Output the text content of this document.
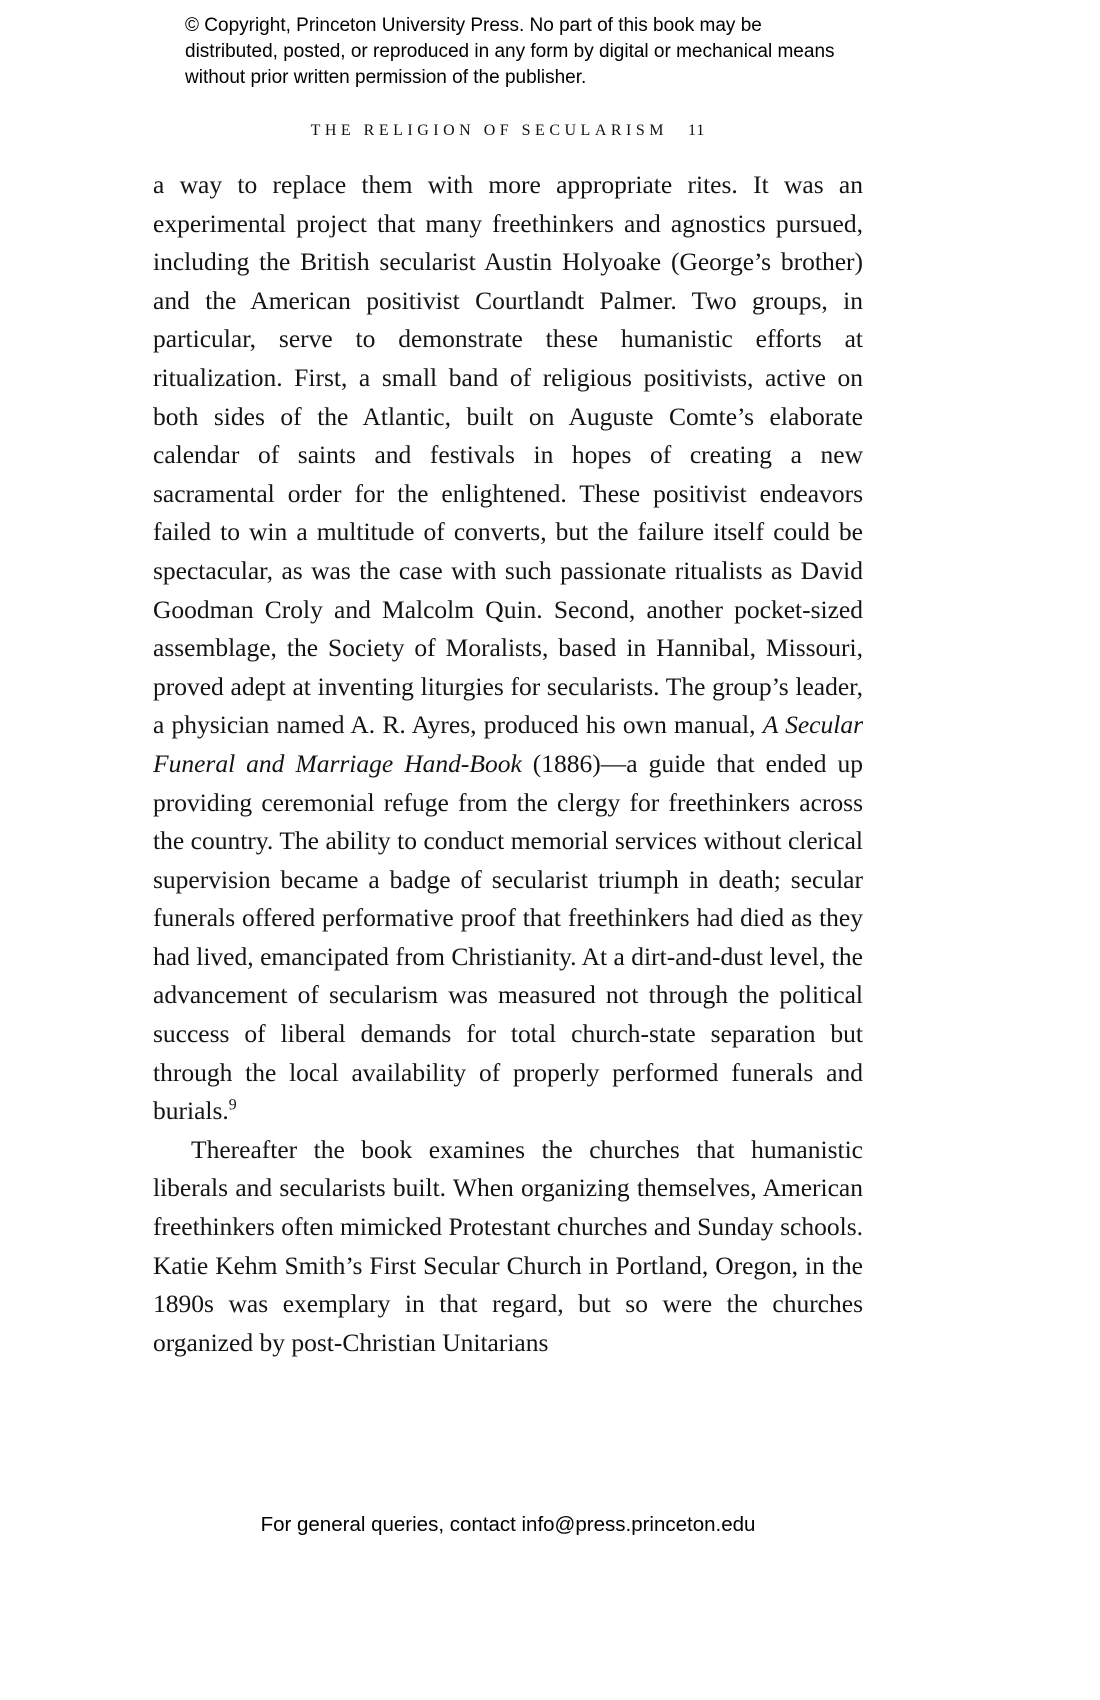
© Copyright, Princeton University Press. No part of this book may be distributed, posted, or reproduced in any form by digital or mechanical means without prior written permission of the publisher.
THE RELIGION OF SECULARISM 11

a way to replace them with more appropriate rites. It was an experimental project that many freethinkers and agnostics pursued, including the British secularist Austin Holyoake (George’s brother) and the American positivist Courtlandt Palmer. Two groups, in particular, serve to demonstrate these humanistic efforts at ritualization. First, a small band of religious positivists, active on both sides of the Atlantic, built on Auguste Comte’s elaborate calendar of saints and festivals in hopes of creating a new sacramental order for the enlightened. These positivist endeavors failed to win a multitude of converts, but the failure itself could be spectacular, as was the case with such passionate ritualists as David Goodman Croly and Malcolm Quin. Second, another pocket-sized assemblage, the Society of Moralists, based in Hannibal, Missouri, proved adept at inventing liturgies for secularists. The group’s leader, a physician named A. R. Ayres, produced his own manual, A Secular Funeral and Marriage Hand-Book (1886)—a guide that ended up providing ceremonial refuge from the clergy for freethinkers across the country. The ability to conduct memorial services without clerical supervision became a badge of secularist triumph in death; secular funerals offered performative proof that freethinkers had died as they had lived, emancipated from Christianity. At a dirt-and-dust level, the advancement of secularism was measured not through the political success of liberal demands for total church-state separation but through the local availability of properly performed funerals and burials.$^9$

Thereafter the book examines the churches that humanistic liberals and secularists built. When organizing themselves, American freethinkers often mimicked Protestant churches and Sunday schools. Katie Kehm Smith’s First Secular Church in Portland, Oregon, in the 1890s was exemplary in that regard, but so were the churches organized by post-Christian Unitarians

For general queries, contact info@press.princeton.edu
